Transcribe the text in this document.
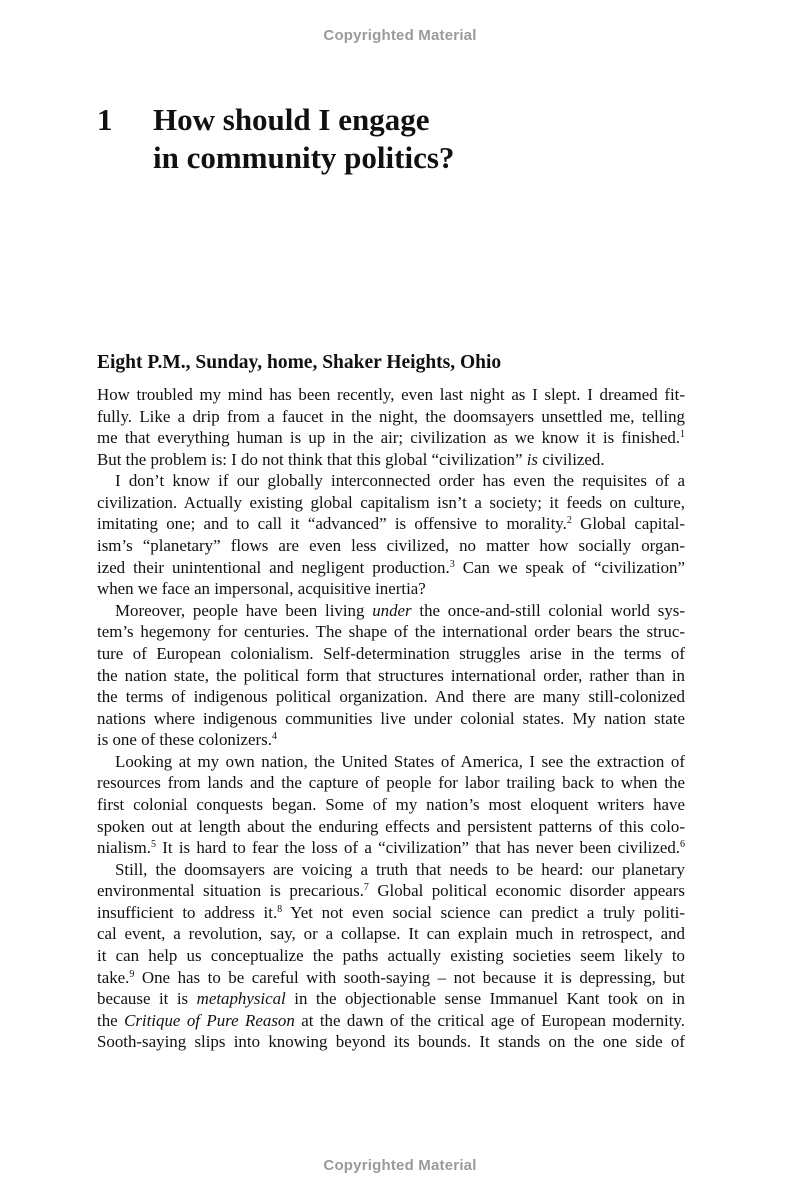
Copyrighted Material
1	How should I engage
in community politics?
Eight P.M., Sunday, home, Shaker Heights, Ohio
How troubled my mind has been recently, even last night as I slept. I dreamed fit-
fully. Like a drip from a faucet in the night, the doomsayers unsettled me, telling
me that everything human is up in the air; civilization as we know it is finished.$^1$
But the problem is: I do not think that this global “civilization” is civilized.
I don’t know if our globally interconnected order has even the requisites of a
civilization. Actually existing global capitalism isn’t a society; it feeds on culture,
imitating one; and to call it “advanced” is offensive to morality.$^2$ Global capital-
ism’s “planetary” flows are even less civilized, no matter how socially organ-
ized their unintentional and negligent production.$^3$ Can we speak of “civilization”
when we face an impersonal, acquisitive inertia?
Moreover, people have been living under the once-and-still colonial world sys-
tem’s hegemony for centuries. The shape of the international order bears the struc-
ture of European colonialism. Self-determination struggles arise in the terms of
the nation state, the political form that structures international order, rather than in
the terms of indigenous political organization. And there are many still-colonized
nations where indigenous communities live under colonial states. My nation state
is one of these colonizers.$^4$
Looking at my own nation, the United States of America, I see the extraction of
resources from lands and the capture of people for labor trailing back to when the
first colonial conquests began. Some of my nation’s most eloquent writers have
spoken out at length about the enduring effects and persistent patterns of this colo-
nialism.$^5$ It is hard to fear the loss of a “civilization” that has never been civilized.$^6$
Still, the doomsayers are voicing a truth that needs to be heard: our planetary
environmental situation is precarious.$^7$ Global political economic disorder appears
insufficient to address it.$^8$ Yet not even social science can predict a truly politi-
cal event, a revolution, say, or a collapse. It can explain much in retrospect, and
it can help us conceptualize the paths actually existing societies seem likely to
take.$^9$ One has to be careful with sooth-saying – not because it is depressing, but
because it is metaphysical in the objectionable sense Immanuel Kant took on in
the Critique of Pure Reason at the dawn of the critical age of European modernity.
Sooth-saying slips into knowing beyond its bounds. It stands on the one side of
Copyrighted Material
